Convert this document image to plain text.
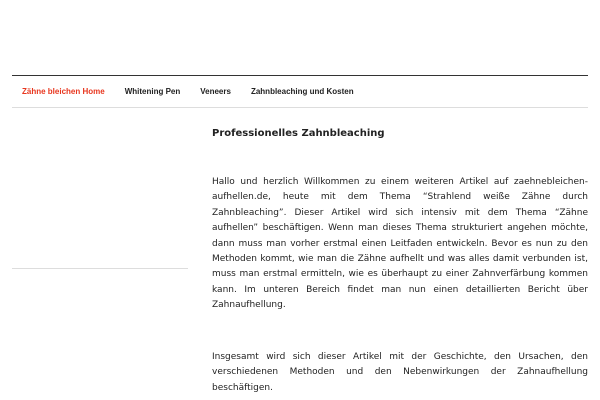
Zähne bleichen Home	Whitening Pen	Veneers	Zahnbleaching und Kosten
Professionelles Zahnbleaching

Hallo und herzlich Willkommen zu einem weiteren Artikel auf zaehnebleichen-aufhellen.de, heute mit dem Thema “Strahlend weiße Zähne durch Zahnbleaching”. Dieser Artikel wird sich intensiv mit dem Thema “Zähne aufhellen” beschäftigen. Wenn man dieses Thema strukturiert angehen möchte, dann muss man vorher erstmal einen Leitfaden entwickeln. Bevor es nun zu den Methoden kommt, wie man die Zähne aufhellt und was alles damit verbunden ist, muss man erstmal ermitteln, wie es überhaupt zu einer Zahnverfärbung kommen kann. Im unteren Bereich findet man nun einen detaillierten Bericht über Zahnaufhellung.

Insgesamt wird sich dieser Artikel mit der Geschichte, den Ursachen, den verschiedenen Methoden und den Nebenwirkungen der Zahnaufhellung beschäftigen.
